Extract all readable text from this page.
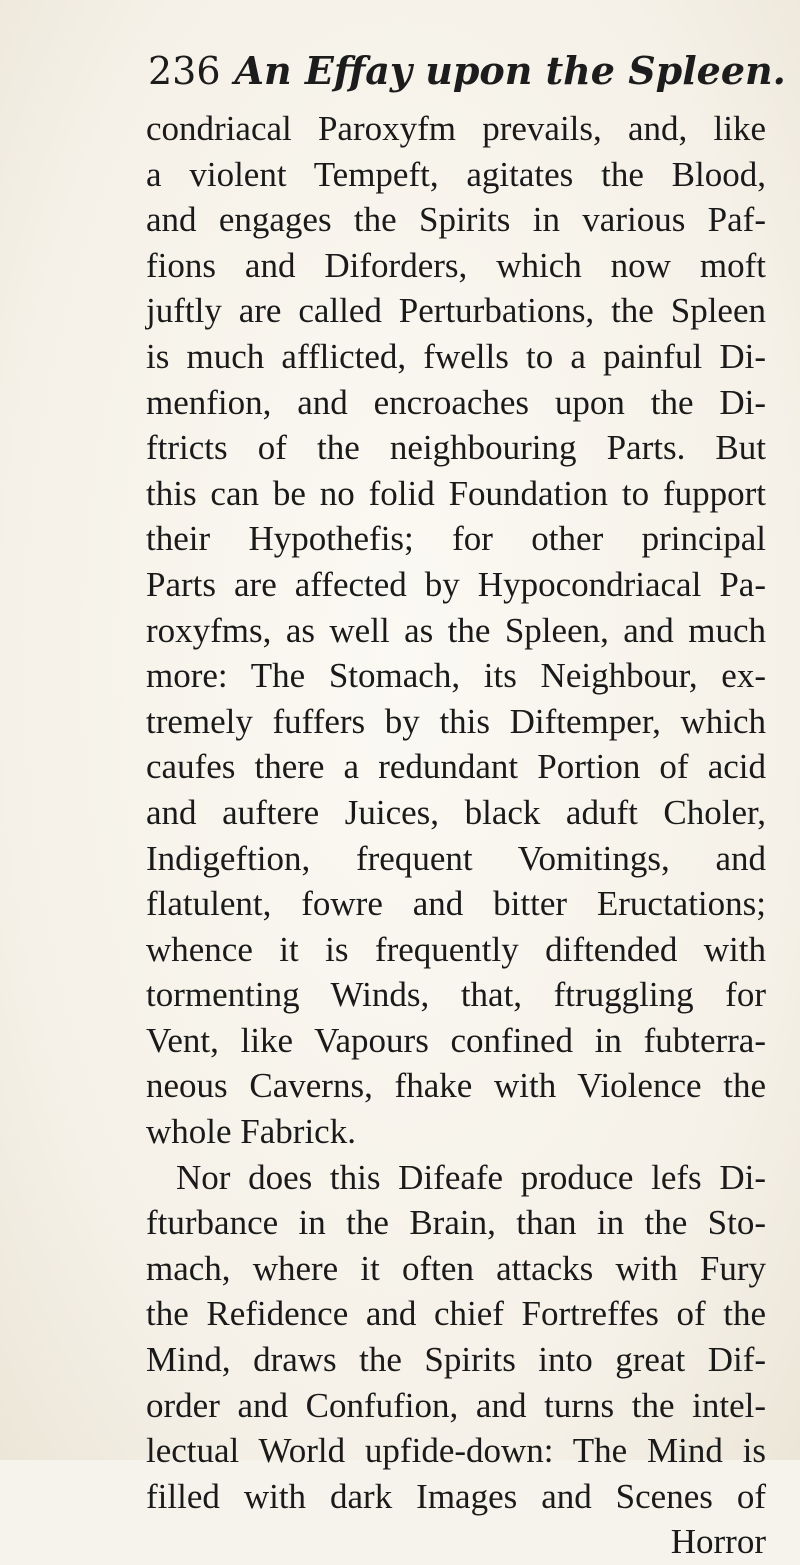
236 An Effay upon the Spleen.
condriacal Paroxyfm prevails, and, like
a violent Tempeft, agitates the Blood,
and engages the Spirits in various Paf-
fions and Diforders, which now moft
juftly are called Perturbations, the Spleen
is much afflicted, fwells to a painful Di-
menfion, and encroaches upon the Di-
ftricts of the neighbouring Parts. But
this can be no folid Foundation to fupport
their Hypothefis; for other principal
Parts are affected by Hypocondriacal Pa-
roxyfms, as well as the Spleen, and much
more: The Stomach, its Neighbour, ex-
tremely fuffers by this Diftemper, which
caufes there a redundant Portion of acid
and auftere Juices, black aduft Choler,
Indigeftion, frequent Vomitings, and
flatulent, fowre and bitter Eructations;
whence it is frequently diftended with
tormenting Winds, that, ftruggling for
Vent, like Vapours confined in fubterra-
neous Caverns, fhake with Violence the
whole Fabrick.
Nor does this Difeafe produce lefs Di-
fturbance in the Brain, than in the Sto-
mach, where it often attacks with Fury
the Refidence and chief Fortreffes of the
Mind, draws the Spirits into great Dif-
order and Confufion, and turns the intel-
lectual World upfide-down: The Mind is
filled with dark Images and Scenes of
Horror
